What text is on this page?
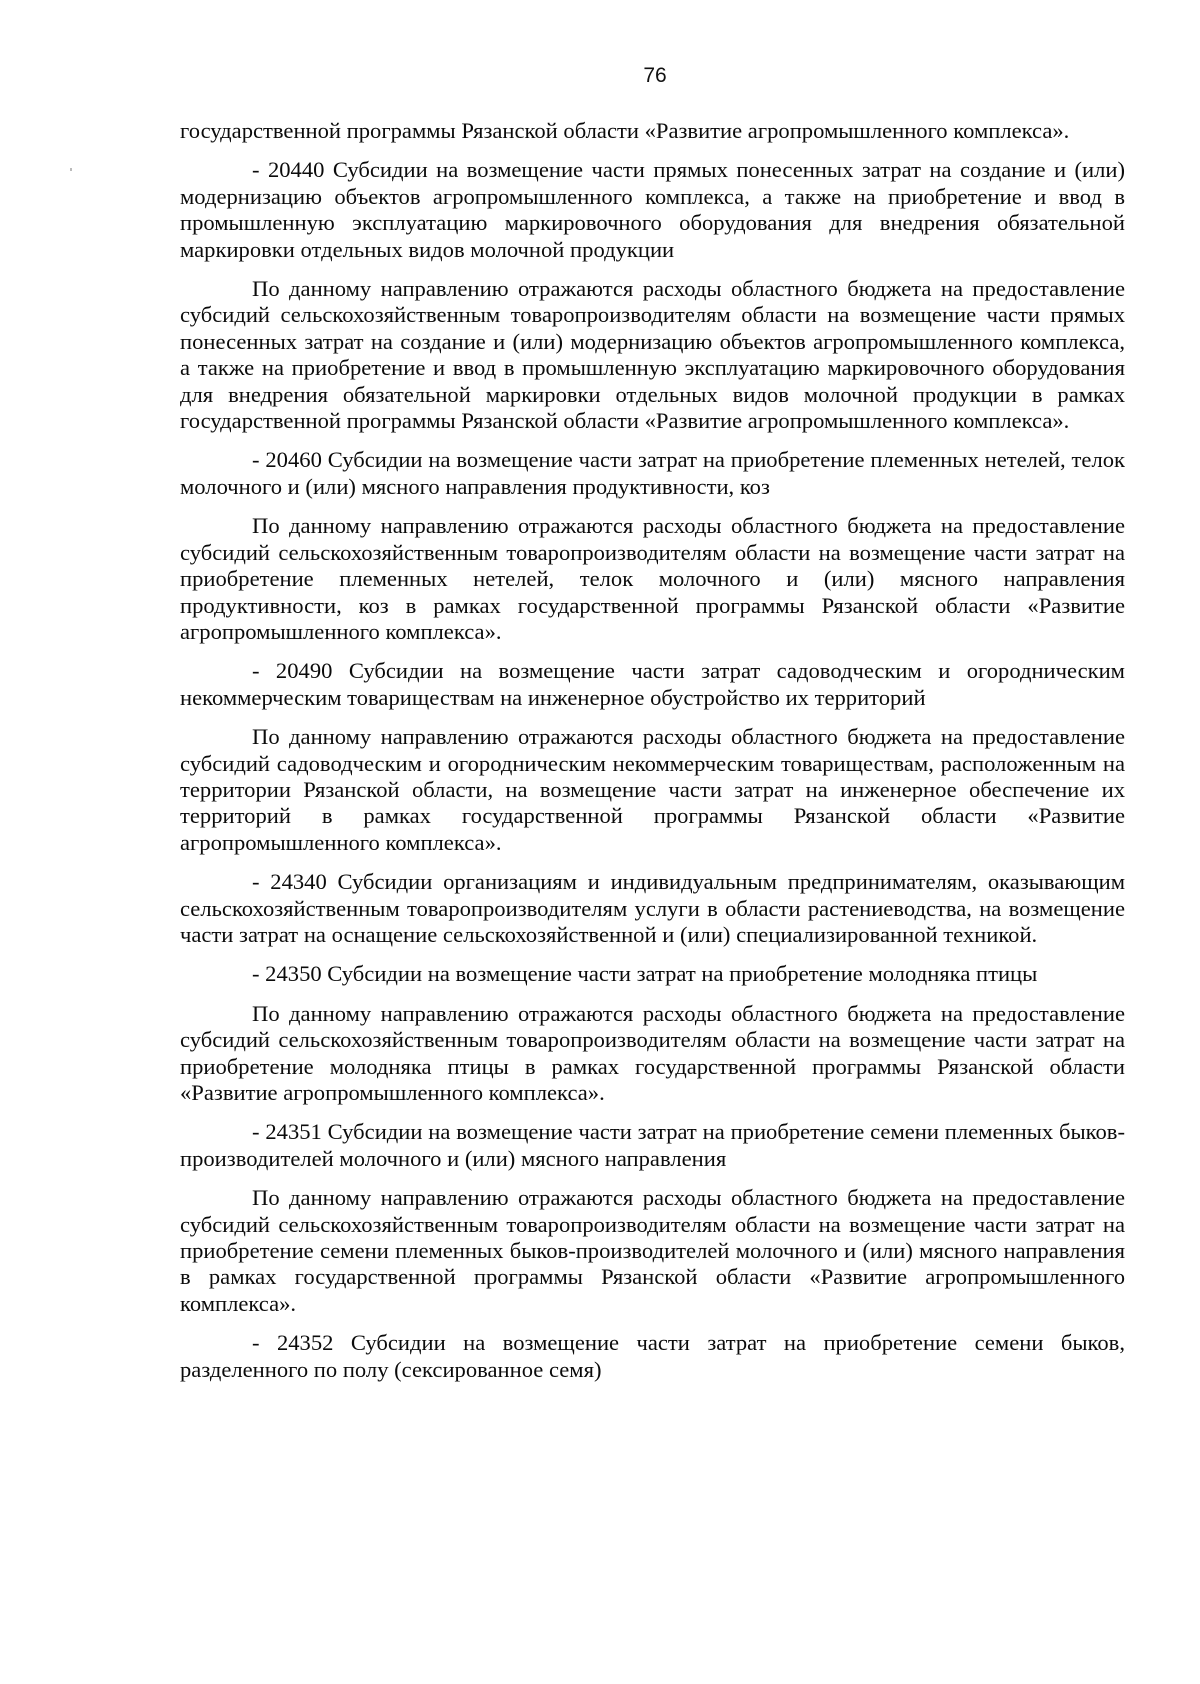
76

государственной программы Рязанской области «Развитие агропромышленного комплекса».

- 20440 Субсидии на возмещение части прямых понесенных затрат на создание и (или) модернизацию объектов агропромышленного комплекса, а также на приобретение и ввод в промышленную эксплуатацию маркировочного оборудования для внедрения обязательной маркировки отдельных видов молочной продукции

По данному направлению отражаются расходы областного бюджета на предоставление субсидий сельскохозяйственным товаропроизводителям области на возмещение части прямых понесенных затрат на создание и (или) модернизацию объектов агропромышленного комплекса, а также на приобретение и ввод в промышленную эксплуатацию маркировочного оборудования для внедрения обязательной маркировки отдельных видов молочной продукции в рамках государственной программы Рязанской области «Развитие агропромышленного комплекса».

- 20460 Субсидии на возмещение части затрат на приобретение племенных нетелей, телок молочного и (или) мясного направления продуктивности, коз

По данному направлению отражаются расходы областного бюджета на предоставление субсидий сельскохозяйственным товаропроизводителям области на возмещение части затрат на приобретение племенных нетелей, телок молочного и (или) мясного направления продуктивности, коз в рамках государственной программы Рязанской области «Развитие агропромышленного комплекса».

- 20490 Субсидии на возмещение части затрат садоводческим и огородническим некоммерческим товариществам на инженерное обустройство их территорий

По данному направлению отражаются расходы областного бюджета на предоставление субсидий садоводческим и огородническим некоммерческим товариществам, расположенным на территории Рязанской области, на возмещение части затрат на инженерное обеспечение их территорий в рамках государственной программы Рязанской области «Развитие агропромышленного комплекса».

- 24340 Субсидии организациям и индивидуальным предпринимателям, оказывающим сельскохозяйственным товаропроизводителям услуги в области растениеводства, на возмещение части затрат на оснащение сельскохозяйственной и (или) специализированной техникой.

- 24350 Субсидии на возмещение части затрат на приобретение молодняка птицы

По данному направлению отражаются расходы областного бюджета на предоставление субсидий сельскохозяйственным товаропроизводителям области на возмещение части затрат на приобретение молодняка птицы в рамках государственной программы Рязанской области «Развитие агропромышленного комплекса».

- 24351 Субсидии на возмещение части затрат на приобретение семени племенных быков-производителей молочного и (или) мясного направления

По данному направлению отражаются расходы областного бюджета на предоставление субсидий сельскохозяйственным товаропроизводителям области на возмещение части затрат на приобретение семени племенных быков-производителей молочного и (или) мясного направления в рамках государственной программы Рязанской области «Развитие агропромышленного комплекса».

- 24352 Субсидии на возмещение части затрат на приобретение семени быков, разделенного по полу (сексированное семя)
